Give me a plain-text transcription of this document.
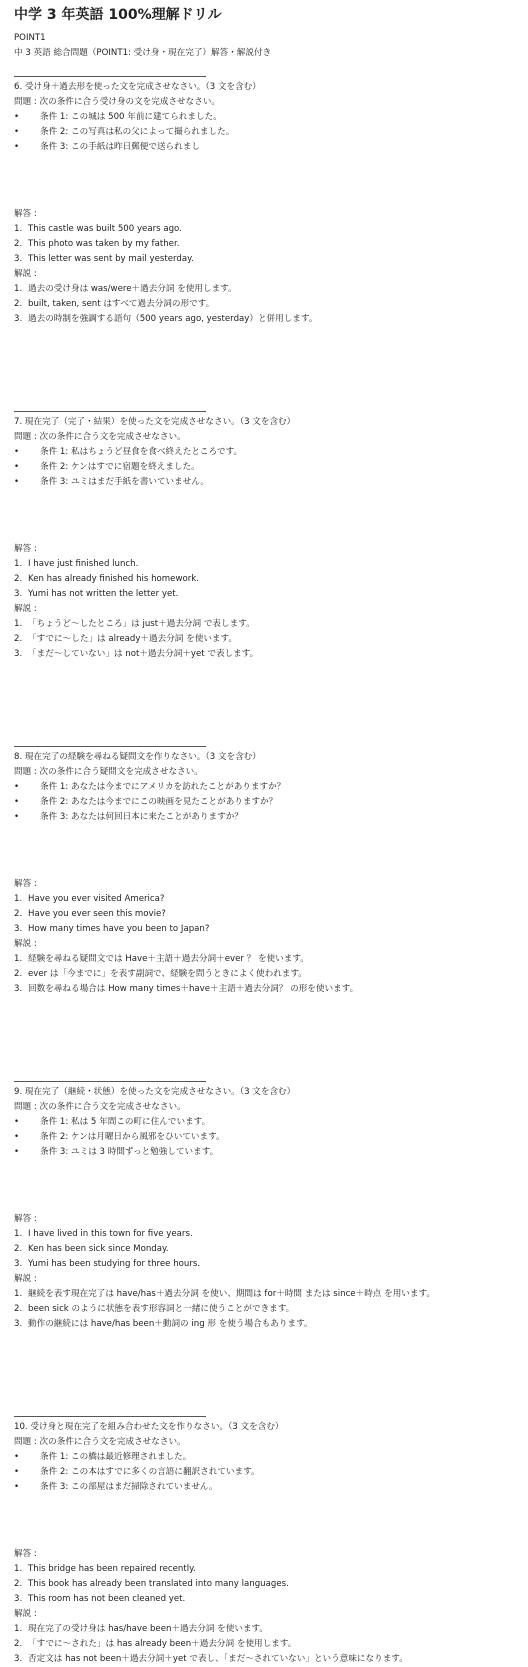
中学 3 年英語 100%理解ドリル
POINT1
中 3 英語 総合問題（POINT1: 受け身・現在完了）解答・解説付き
6. 受け身＋過去形を使った文を完成させなさい。（3 文を含む）
問題 : 次の条件に合う受け身の文を完成させなさい。
•	条件 1: この城は 500 年前に建てられました。
•	条件 2: この写真は私の父によって撮られました。
•	条件 3: この手紙は昨日郵便で送られまし
解答 :
1. This castle was built 500 years ago.
2. This photo was taken by my father.
3. This letter was sent by mail yesterday.
解説 :
1. 過去の受け身は was/were＋過去分詞 を使用します。
2. built, taken, sent はすべて過去分詞の形です。
3. 過去の時制を強調する語句（500 years ago, yesterday）と併用します。
7. 現在完了（完了・結果）を使った文を完成させなさい。（3 文を含む）
問題 : 次の条件に合う文を完成させなさい。
•	条件 1: 私はちょうど昼食を食べ終えたところです。
•	条件 2: ケンはすでに宿題を終えました。
•	条件 3: ユミはまだ手紙を書いていません。
解答 :
1. I have just finished lunch.
2. Ken has already finished his homework.
3. Yumi has not written the letter yet.
解説 :
1. 「ちょうど〜したところ」は just＋過去分詞 で表します。
2. 「すでに〜した」は already＋過去分詞 を使います。
3. 「まだ〜していない」は not＋過去分詞＋yet で表します。
8. 現在完了の経験を尋ねる疑問文を作りなさい。（3 文を含む）
問題 : 次の条件に合う疑問文を完成させなさい。
•	条件 1: あなたは今までにアメリカを訪れたことがありますか？
•	条件 2: あなたは今までにこの映画を見たことがありますか？
•	条件 3: あなたは何回日本に来たことがありますか？
解答 :
1. Have you ever visited America?
2. Have you ever seen this movie?
3. How many times have you been to Japan?
解説 :
1. 経験を尋ねる疑問文では Have＋主語＋過去分詞＋ever ？ を使います。
2. ever は「今までに」を表す副詞で、経験を問うときによく使われます。
3. 回数を尋ねる場合は How many times＋have＋主語＋過去分詞？ の形を使います。
9. 現在完了（継続・状態）を使った文を完成させなさい。（3 文を含む）
問題 : 次の条件に合う文を完成させなさい。
•	条件 1: 私は 5 年間この町に住んでいます。
•	条件 2: ケンは月曜日から風邪をひいています。
•	条件 3: ユミは 3 時間ずっと勉強しています。
解答 :
1. I have lived in this town for five years.
2. Ken has been sick since Monday.
3. Yumi has been studying for three hours.
解説 :
1. 継続を表す現在完了は have/has＋過去分詞 を使い、期間は for＋時間 または since＋時点 を用います。
2. been sick のように状態を表す形容詞と一緒に使うことができます。
3. 動作の継続には have/has been＋動詞の ing 形 を使う場合もあります。
10. 受け身と現在完了を組み合わせた文を作りなさい。（3 文を含む）
問題 : 次の条件に合う文を完成させなさい。
•	条件 1: この橋は最近修理されました。
•	条件 2: この本はすでに多くの言語に翻訳されています。
•	条件 3: この部屋はまだ掃除されていません。
解答 :
1. This bridge has been repaired recently.
2. This book has already been translated into many languages.
3. This room has not been cleaned yet.
解説 :
1. 現在完了の受け身は has/have been＋過去分詞 を使います。
2. 「すでに〜された」は has already been＋過去分詞 を使用します。
3. 否定文は has not been＋過去分詞＋yet で表し、「まだ〜されていない」という意味になります。
